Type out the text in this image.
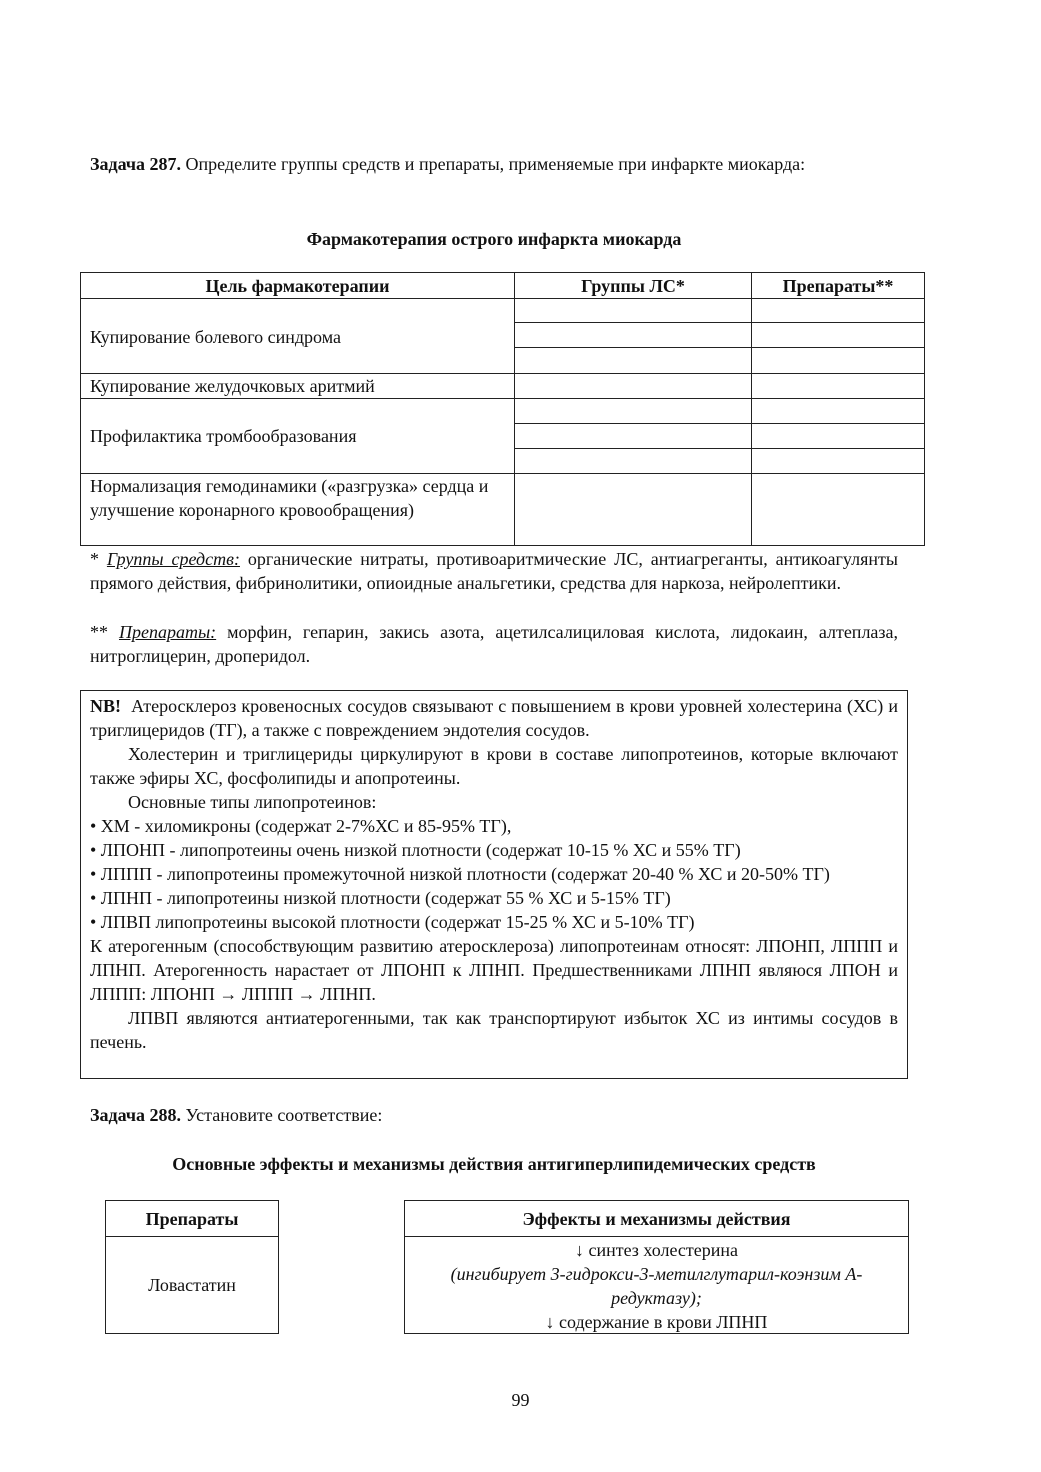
Задача 287. Определите группы средств и препараты, применяемые при инфаркте миокарда:
Фармакотерапия острого инфаркта миокарда
Цель фармакотерапии
Купирование болевого синдрома
Купирование желудочковых аритмий
Профилактика тромбообразования
Нормализация гемодинамики («разгрузка» сердца и улучшение коронарного кровообращения)
Группы ЛС*	Препараты**
* Группы средств: органические нитраты, противоаритмические ЛС, антиагреганты, антикоагулянты прямого действия, фибринолитики, опиоидные анальгетики, средства для наркоза, нейролептики.
** Препараты: морфин, гепарин, закись азота, ацетилсалициловая кислота, лидокаин, алтеплаза, нитроглицерин, дроперидол.

NB! Атеросклероз кровеносных сосудов связывают с повышением в крови уровней холестерина (ХС) и триглицеридов (ТГ), а также с повреждением эндотелия сосудов.

Холестерин и триглицериды циркулируют в крови в составе липопротеинов, которые включают также эфиры ХС, фосфолипиды и апопротеины.

Основные типы липопротеинов:

• ХМ - хиломикроны (содержат 2-7%ХС и 85-95% ТГ),

• ЛПОНП - липопротеины очень низкой плотности (содержат 10-15 % ХС и 55% ТГ)

• ЛППП - липопротеины промежуточной низкой плотности (содержат 20-40 % ХС и 20-50% ТГ)

• ЛПНП - липопротеины низкой плотности (содержат 55 % ХС и 5-15% ТГ)

• ЛПВП липопротеины высокой плотности (содержат 15-25 % ХС и 5-10% ТГ)

К атерогенным (способствующим развитию атеросклероза) липопротеинам относят: ЛПОНП, ЛППП и ЛПНП. Атерогенность нарастает от ЛПОНП к ЛПНП. Предшественниками ЛПНП являюся ЛПОН и ЛППП: ЛПОНП → ЛППП → ЛПНП.

ЛПВП являются антиатерогенными, так как транспортируют избыток ХС из интимы сосудов в печень.

Задача 288. Установите соответствие:
Основные эффекты и механизмы действия антигиперлипидемических средств
Препараты
Ловастатин
Эффекты и механизмы действия
↓ синтез холестерина
(ингибирует 3-гидрокси-3-метилглутарил-коэнзим А-редуктазу);
↓ содержание в крови ЛПНП
99
